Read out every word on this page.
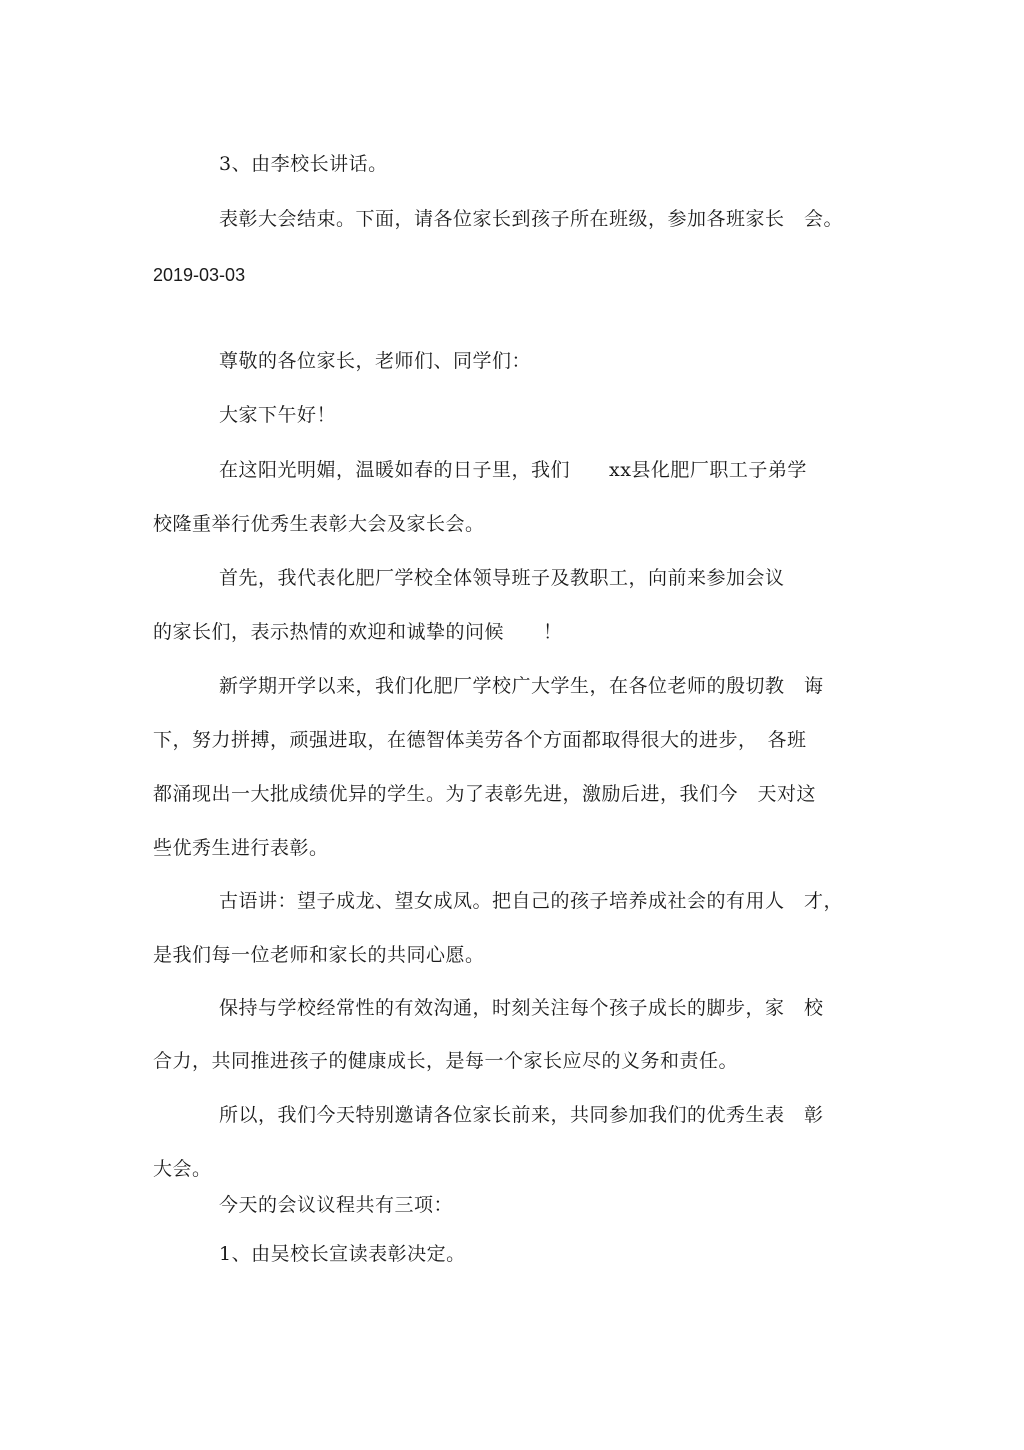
3、由李校长讲话。
表彰大会结束。下面，请各位家长到孩子所在班级，参加各班家长　会。
2019-03-03
尊敬的各位家长，老师们、同学们：
大家下午好！
在这阳光明媚，温暖如春的日子里，我们　　xx县化肥厂职工子弟学
校隆重举行优秀生表彰大会及家长会。
首先，我代表化肥厂学校全体领导班子及教职工，向前来参加会议
的家长们，表示热情的欢迎和诚挚的问候　　！
新学期开学以来，我们化肥厂学校广大学生，在各位老师的殷切教　诲
下，努力拼搏，顽强进取，在德智体美劳各个方面都取得很大的进步，　各班
都涌现出一大批成绩优异的学生。为了表彰先进，激励后进，我们今　天对这
些优秀生进行表彰。
古语讲：望子成龙、望女成凤。把自己的孩子培养成社会的有用人　才，
是我们每一位老师和家长的共同心愿。
保持与学校经常性的有效沟通，时刻关注每个孩子成长的脚步，家　校
合力，共同推进孩子的健康成长，是每一个家长应尽的义务和责任。
所以，我们今天特别邀请各位家长前来，共同参加我们的优秀生表　彰
大会。
今天的会议议程共有三项：
1、由吴校长宣读表彰决定。
